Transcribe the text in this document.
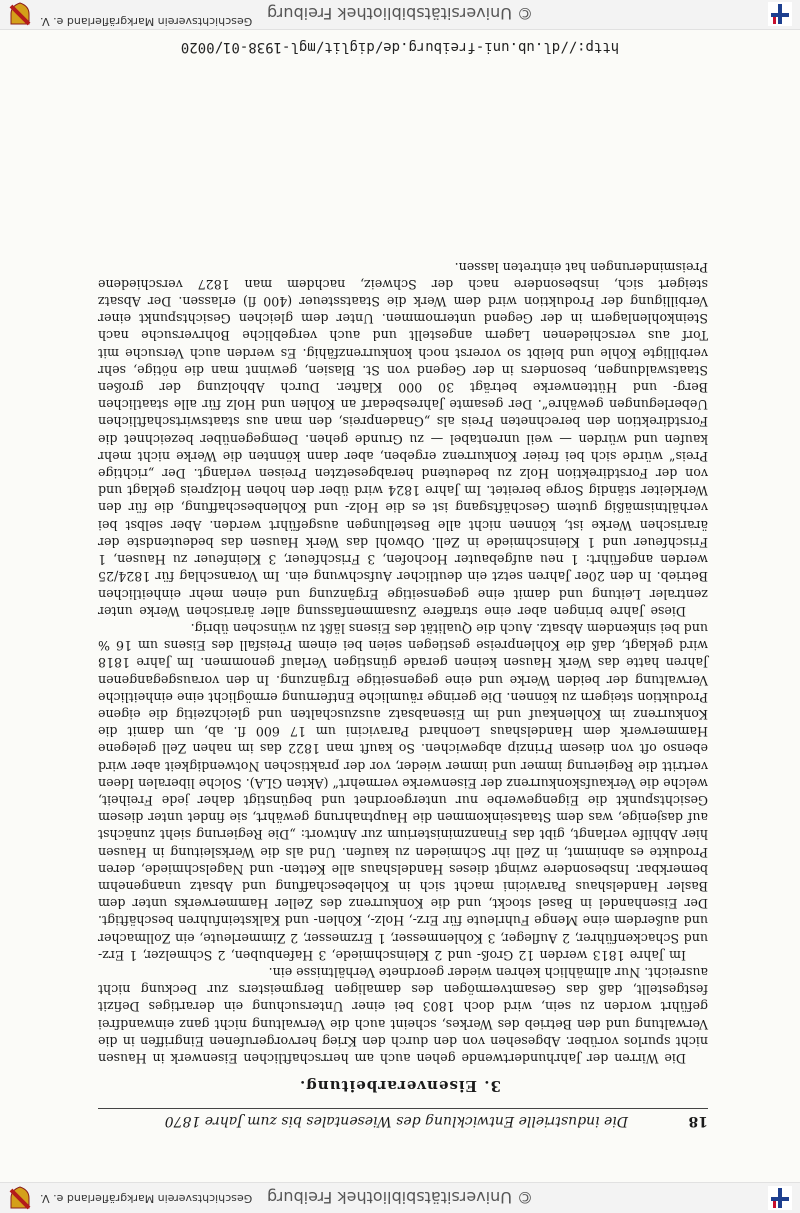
© Universitätsbibliothek Freiburg
Geschichtsverein Markgräflerland e. V.
18
Die industrielle Entwicklung des Wiesentales bis zum Jahre 1870
3. Eisenverarbeitung.

Die Wirren der Jahrhundertwende gehen auch am herrschaftlichen Eisenwerk in Hausen nicht spurlos vorüber. Abgesehen von den durch den Krieg hervorgerufenen Eingriffen in die Verwaltung und den Betrieb des Werkes, scheint auch die Verwaltung nicht ganz einwandfrei geführt worden zu sein, wird doch 1803 bei einer Untersuchung ein derartiges Defizit festgestellt, daß das Gesamtvermögen des damaligen Bergmeisters zur Deckung nicht ausreicht. Nur allmählich kehren wieder geordnete Verhältnisse ein.

Im Jahre 1813 werden 12 Groß- und 2 Kleinschmiede, 3 Hafenbuben, 2 Schmelzer, 1 Erz- und Schackenführer, 2 Aufleger, 3 Kohlenmesser, 1 Erzmesser, 2 Zimmerleute, ein Zollmacher und außerdem eine Menge Fuhrleute für Erz-, Holz-, Kohlen- und Kalksteinfuhren beschäftigt. Der Eisenhandel in Basel stockt, und die Konkurrenz des Zeller Hammerwerks unter dem Basler Handelshaus Paravicini macht sich in Kohlebeschaffung und Absatz unangenehm bemerkbar. Insbesondere zwingt dieses Handelshaus alle Ketten- und Nagelschmiede, deren Produkte es abnimmt, in Zell ihr Schmieden zu kaufen. Und als die Werksleitung in Hausen hier Abhilfe verlangt, gibt das Finanzministerium zur Antwort: „Die Regierung sieht zunächst auf dasjenige, was dem Staatseinkommen die Hauptnahrung gewährt, sie findet unter diesem Gesichtspunkt die Eigengewerbe nur untergeordnet und begünstigt daher jede Freiheit, welche die Verkaufskonkurrenz der Eisenwerke vermehrt“ (Akten GLA). Solche liberalen Ideen vertritt die Regierung immer und immer wieder, vor der praktischen Notwendigkeit aber wird ebenso oft von diesem Prinzip abgewichen. So kauft man 1822 das im nahen Zell gelegene Hammerwerk dem Handelshaus Leonhard Paravicini um 17 600 fl. ab, um damit die Konkurrenz im Kohlenkauf und im Eisenabsatz auszuschalten und gleichzeitig die eigene Produktion steigern zu können. Die geringe räumliche Entfernung ermöglicht eine einheitliche Verwaltung der beiden Werke und eine gegenseitige Ergänzung. In den vorausgegangenen Jahren hatte das Werk Hausen keinen gerade günstigen Verlauf genommen. Im Jahre 1818 wird geklagt, daß die Kohlenpreise gestiegen seien bei einem Preisfall des Eisens um 16 % und bei sinkendem Absatz. Auch die Qualität des Eisens läßt zu wünschen übrig.

Diese Jahre bringen aber eine straffere Zusammenfassung aller ärarischen Werke unter zentraler Leitung und damit eine gegenseitige Ergänzung und einen mehr einheitlichen Betrieb. In den 20er Jahren setzt ein deutlicher Aufschwung ein. Im Voranschlag für 1824/25 werden angeführt: 1 neu aufgebauter Hochofen, 3 Frischfeuer, 3 Kleinfeuer zu Hausen, 1 Frischfeuer und 1 Kleinschmiede in Zell. Obwohl das Werk Hausen das bedeutendste der ärarischen Werke ist, können nicht alle Bestellungen ausgeführt werden. Aber selbst bei verhältnismäßig gutem Geschäftsgang ist es die Holz- und Kohlenbeschaffung, die für den Werkleiter ständig Sorge bereitet. Im Jahre 1824 wird über den hohen Holzpreis geklagt und von der Forstdirektion Holz zu bedeutend herabgesetzten Preisen verlangt. Der „richtige Preis“ würde sich bei freier Konkurrenz ergeben, aber dann könnten die Werke nicht mehr kaufen und würden — weil unrentabel — zu Grunde gehen. Demgegenüber bezeichnet die Forstdirektion den berechneten Preis als „Gnadenpreis, den man aus staatswirtschaftlichen Ueberlegungen gewähre“. Der gesamte Jahresbedarf an Kohlen und Holz für alle staatlichen Berg- und Hüttenwerke beträgt 30 000 Klafter. Durch Abholzung der großen Staatswaldungen, besonders in der Gegend von St. Blasien, gewinnt man die nötige, sehr verbilligte Kohle und bleibt so vorerst noch konkurrenzfähig. Es werden auch Versuche mit Torf aus verschiedenen Lagern angestellt und auch vergebliche Bohrversuche nach Steinkohlenlagern in der Gegend unternommen. Unter dem gleichen Gesichtspunkt einer Verbilligung der Produktion wird dem Werk die Staatssteuer (400 fl) erlassen. Der Absatz steigert sich, insbesondere nach der Schweiz, nachdem man 1827 verschiedene Preisminderungen hat eintreten lassen.

http://dl.ub.uni-freiburg.de/diglit/mgl-1938-01/0020
© Universitätsbibliothek Freiburg
Geschichtsverein Markgräflerland e. V.
